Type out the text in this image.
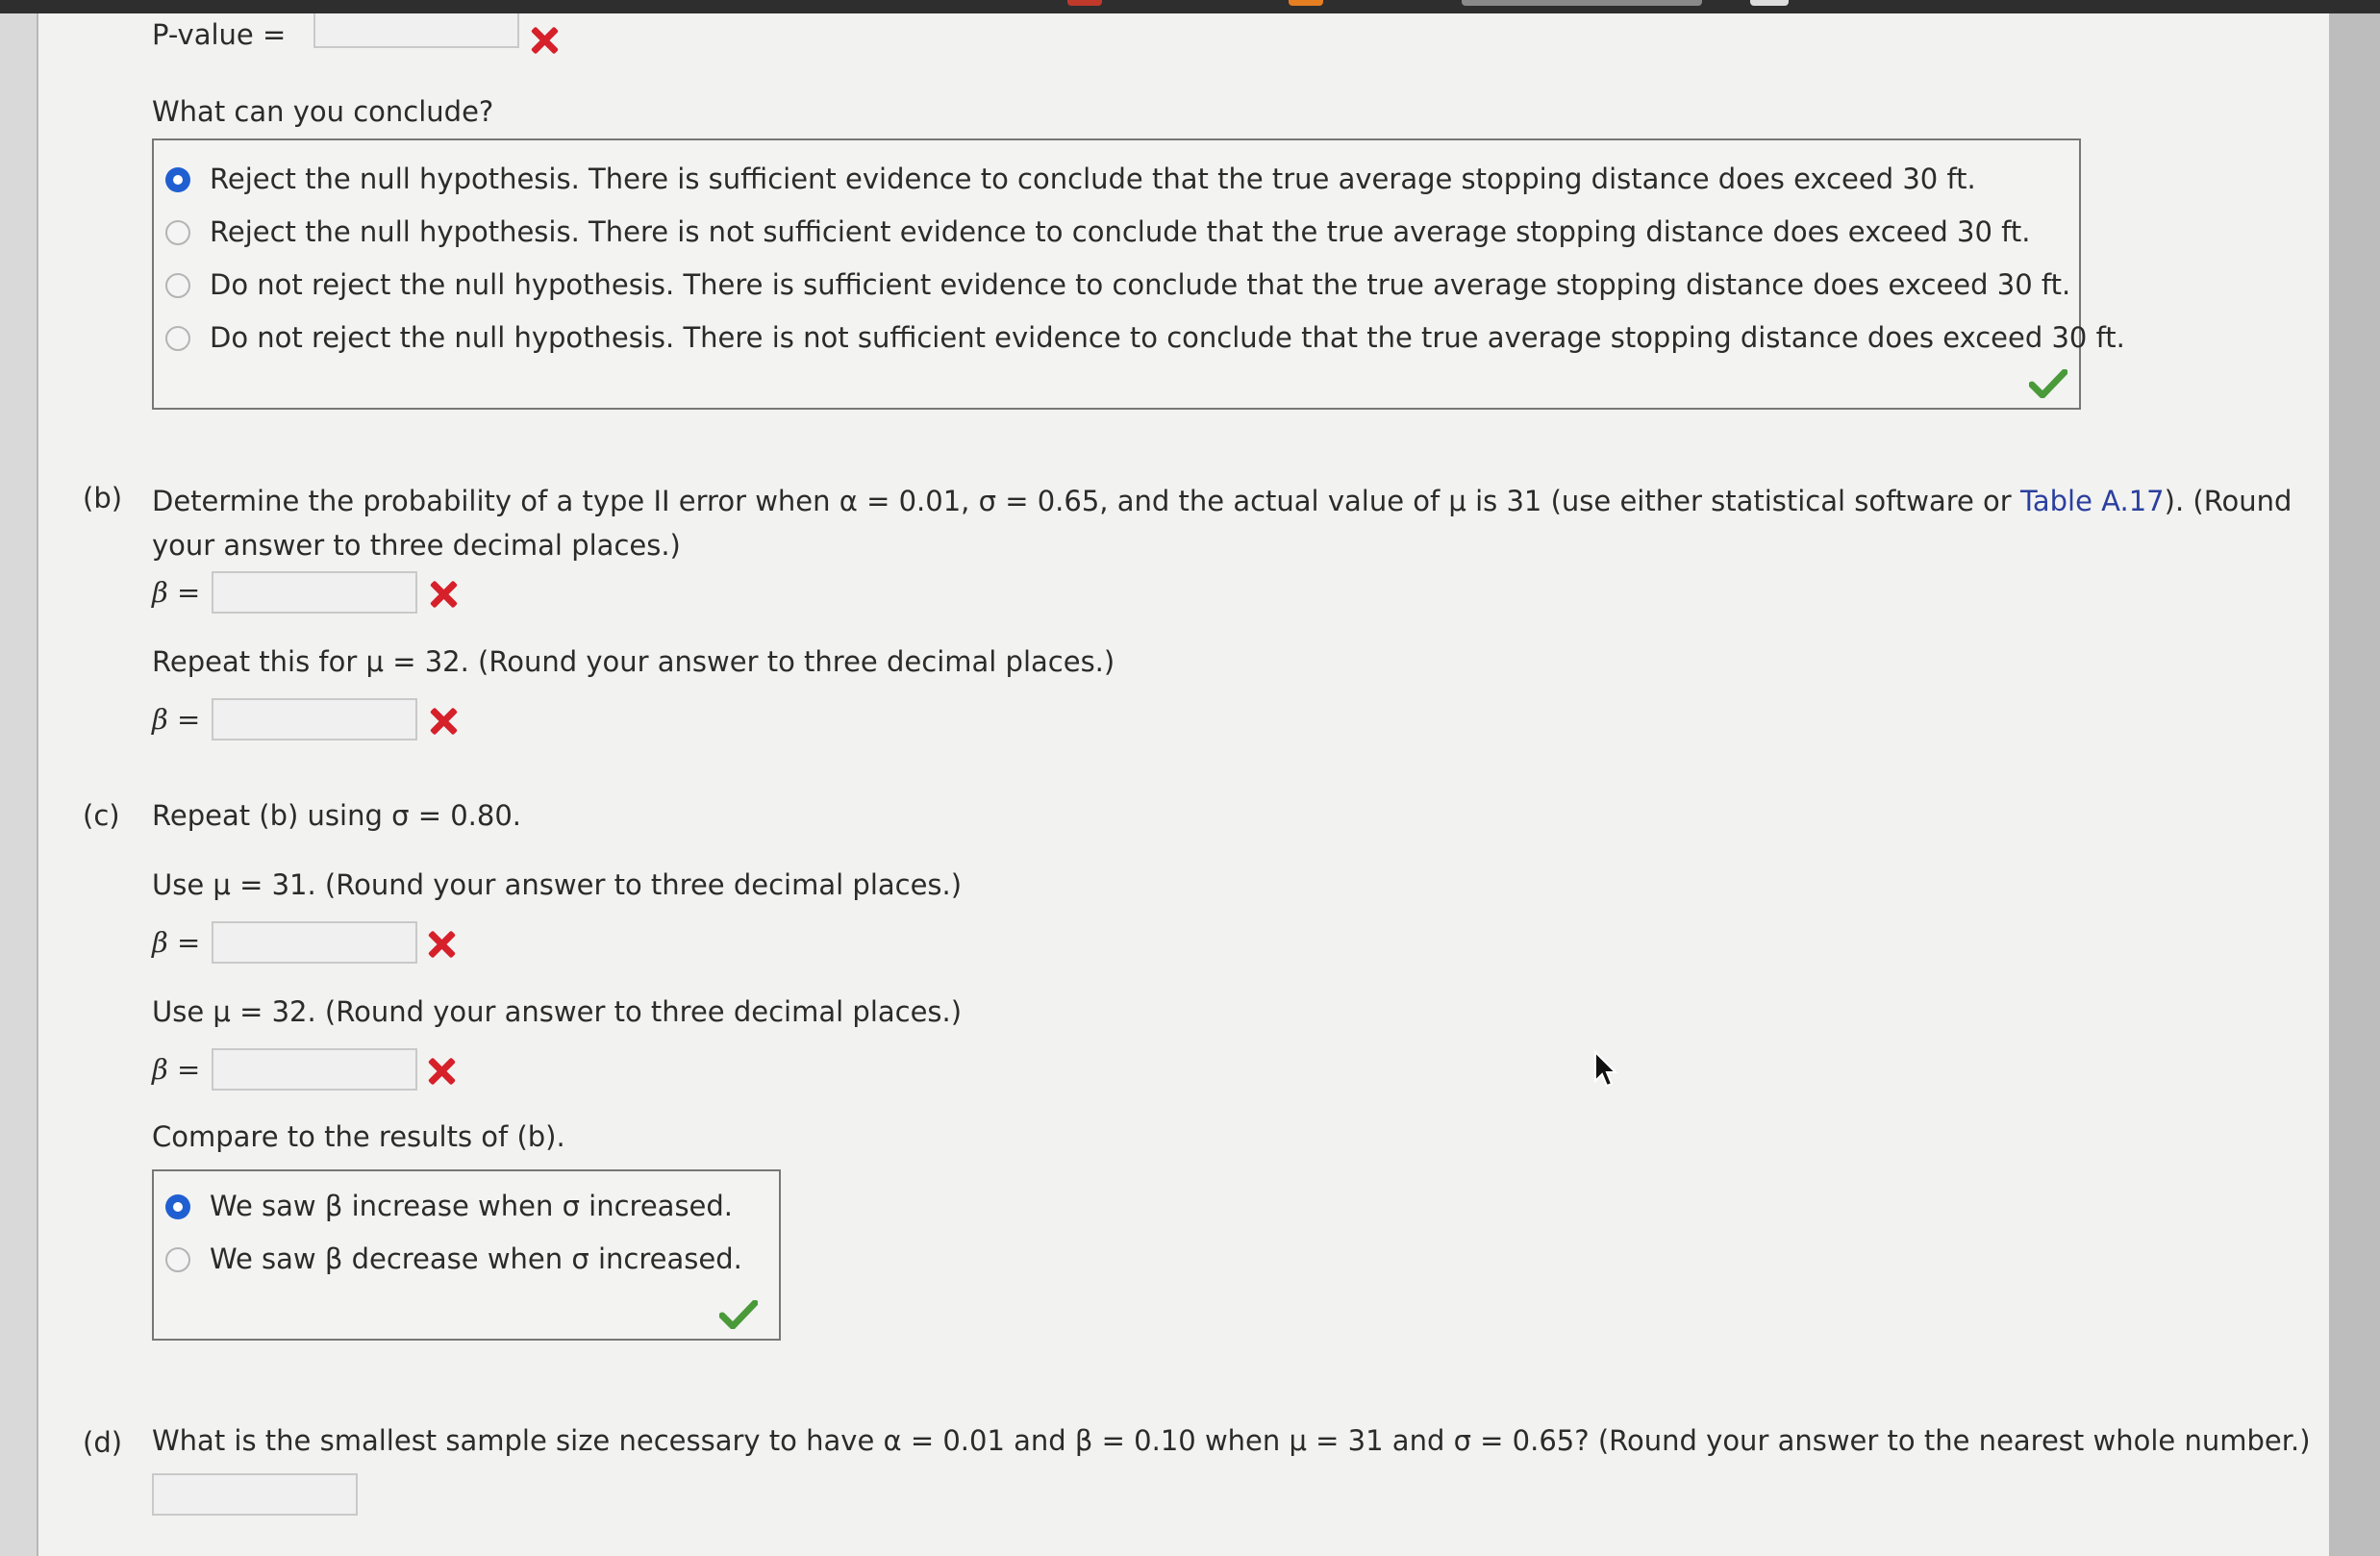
P-value =
What can you conclude?
Reject the null hypothesis. There is sufficient evidence to conclude that the true average stopping distance does exceed 30 ft.
Reject the null hypothesis. There is not sufficient evidence to conclude that the true average stopping distance does exceed 30 ft.
Do not reject the null hypothesis. There is sufficient evidence to conclude that the true average stopping distance does exceed 30 ft.
Do not reject the null hypothesis. There is not sufficient evidence to conclude that the true average stopping distance does exceed 30 ft.
(b) Determine the probability of a type II error when α = 0.01, σ = 0.65, and the actual value of μ is 31 (use either statistical software or Table A.17). (Round your answer to three decimal places.)
β =
Repeat this for μ = 32. (Round your answer to three decimal places.)
β =
(c) Repeat (b) using σ = 0.80.
Use μ = 31. (Round your answer to three decimal places.)
β =
Use μ = 32. (Round your answer to three decimal places.)
β =
Compare to the results of (b).
We saw β increase when σ increased.
We saw β decrease when σ increased.
(d) What is the smallest sample size necessary to have α = 0.01 and β = 0.10 when μ = 31 and σ = 0.65? (Round your answer to the nearest whole number.)
